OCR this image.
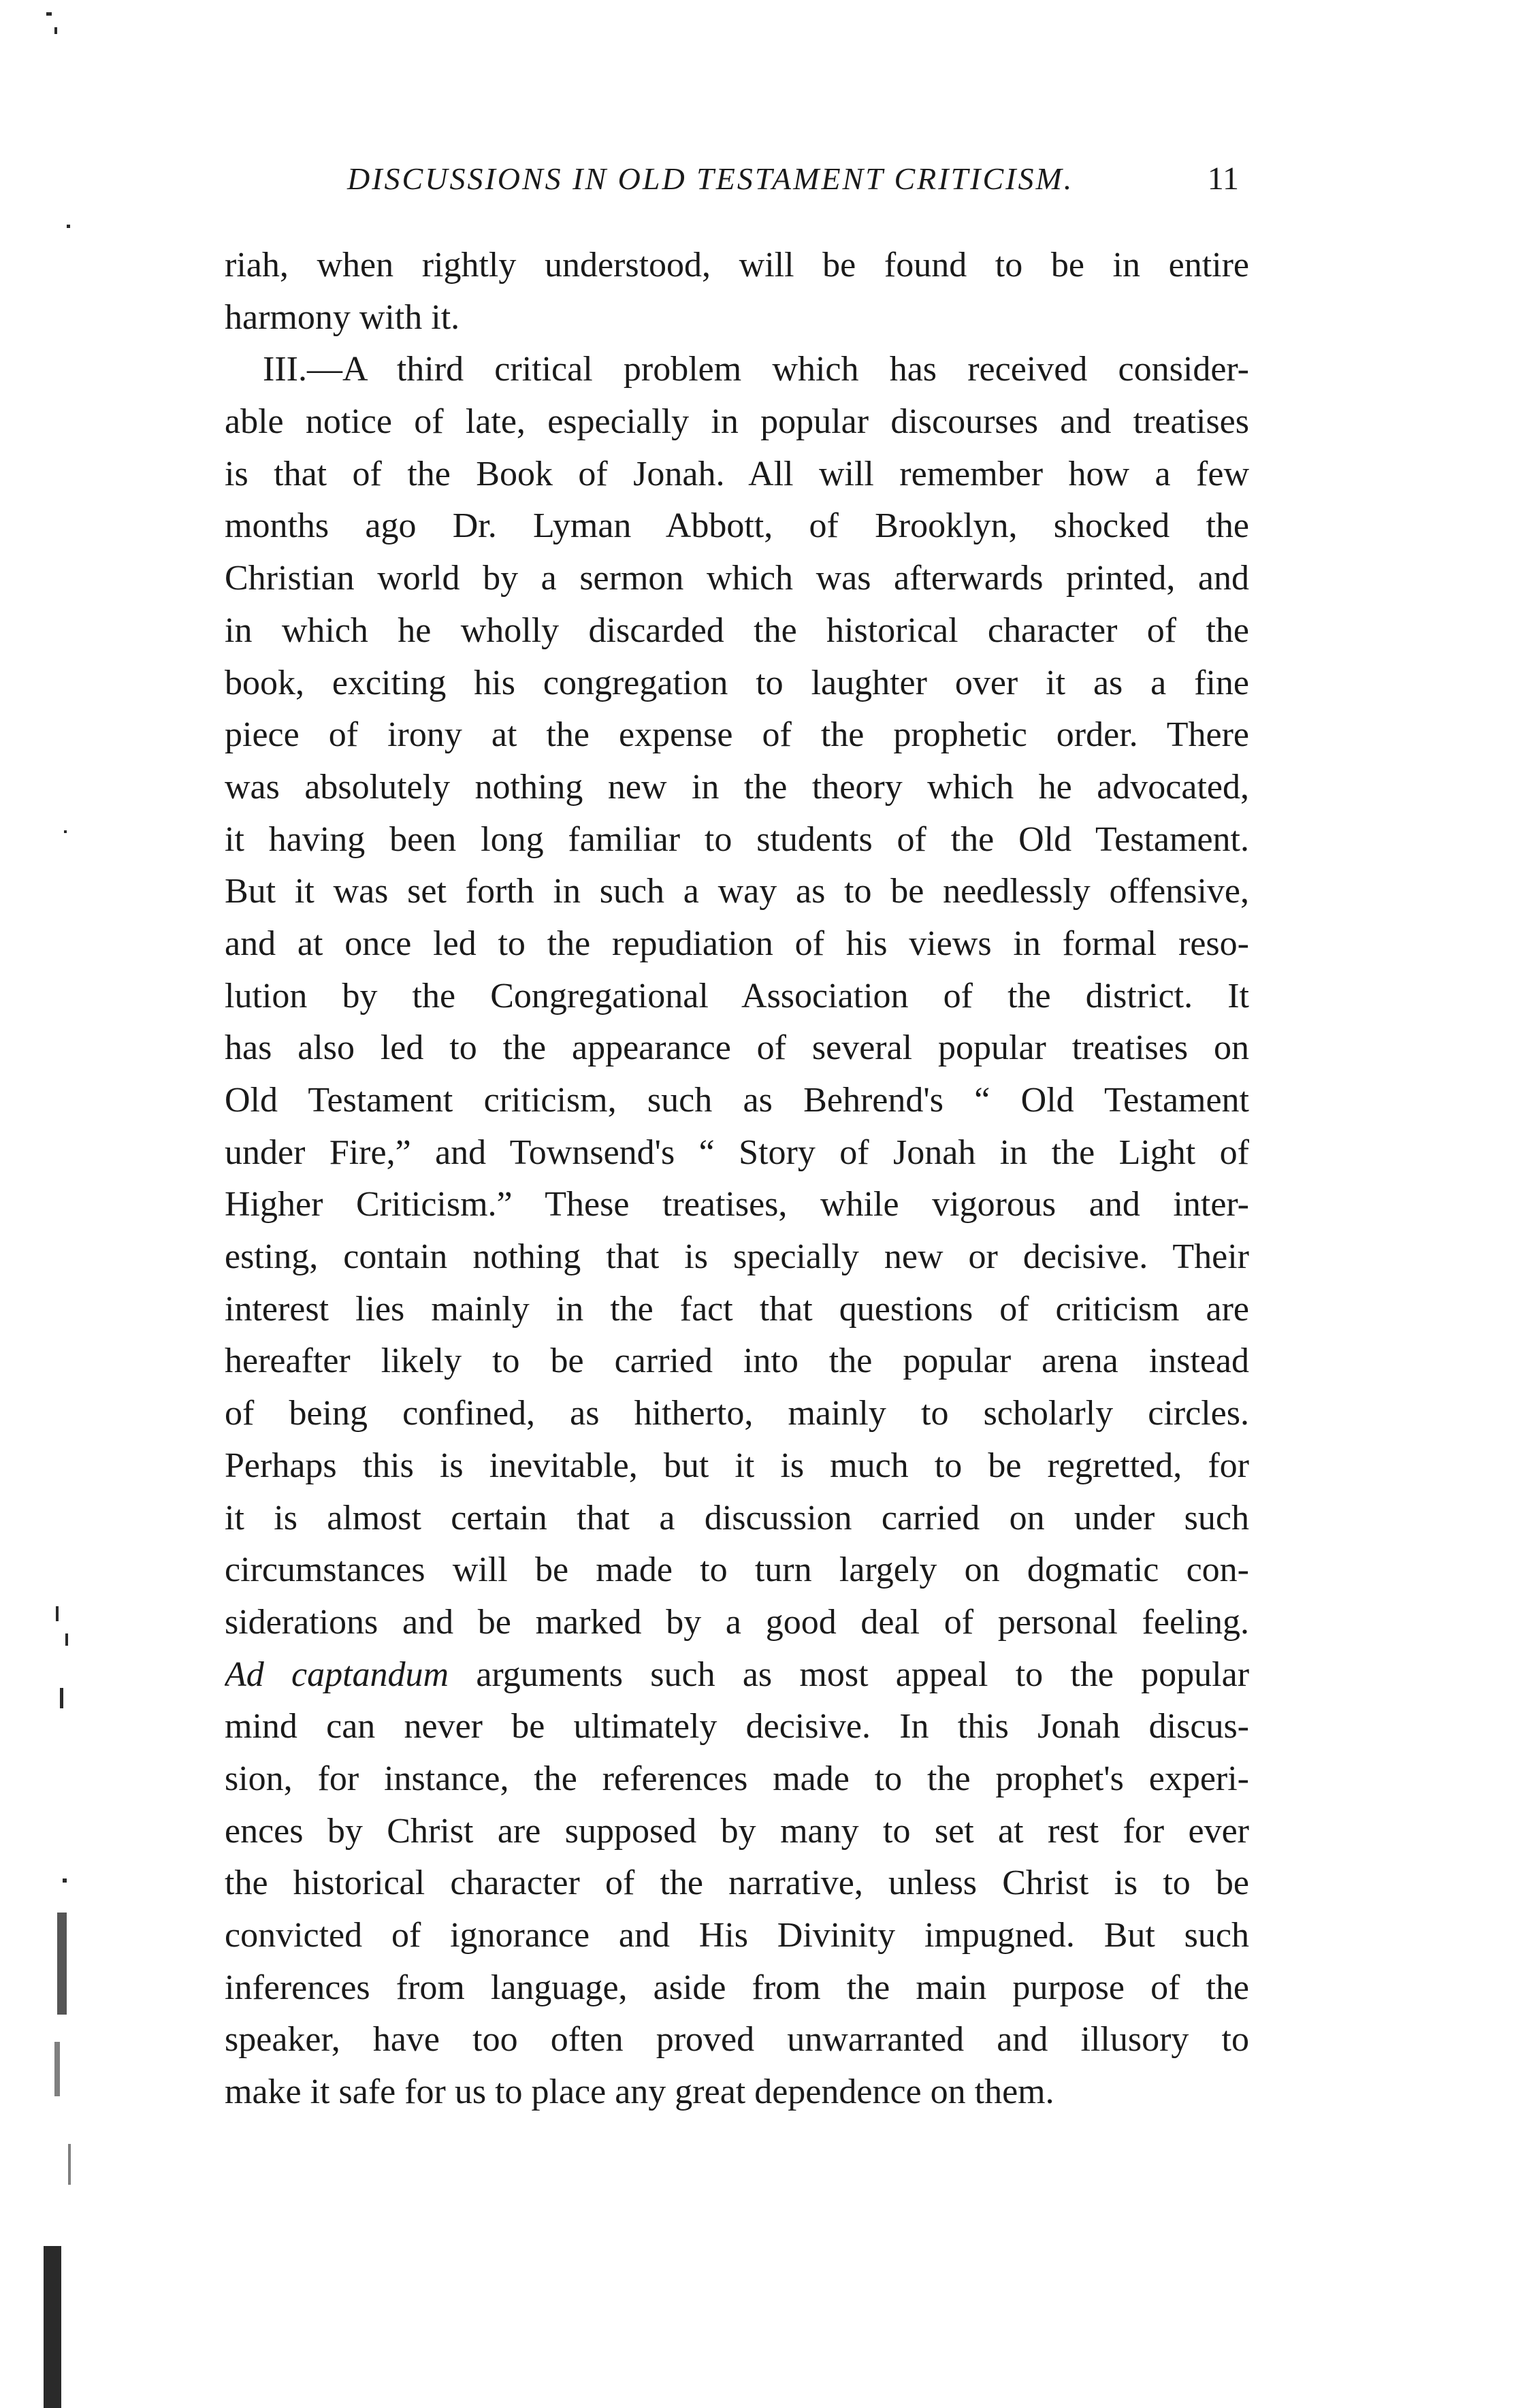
DISCUSSIONS IN OLD TESTAMENT CRITICISM.	11
riah, when rightly understood, will be found to be in entire
harmony with it.
III.—A third critical problem which has received consider-
able notice of late, especially in popular discourses and treatises
is that of the Book of Jonah. All will remember how a few
months ago Dr. Lyman Abbott, of Brooklyn, shocked the
Christian world by a sermon which was afterwards printed, and
in which he wholly discarded the historical character of the
book, exciting his congregation to laughter over it as a fine
piece of irony at the expense of the prophetic order. There
was absolutely nothing new in the theory which he advocated,
it having been long familiar to students of the Old Testament.
But it was set forth in such a way as to be needlessly offensive,
and at once led to the repudiation of his views in formal reso-
lution by the Congregational Association of the district. It
has also led to the appearance of several popular treatises on
Old Testament criticism, such as Behrend's “ Old Testament
under Fire,” and Townsend's “ Story of Jonah in the Light of
Higher Criticism.” These treatises, while vigorous and inter-
esting, contain nothing that is specially new or decisive. Their
interest lies mainly in the fact that questions of criticism are
hereafter likely to be carried into the popular arena instead
of being confined, as hitherto, mainly to scholarly circles.
Perhaps this is inevitable, but it is much to be regretted, for
it is almost certain that a discussion carried on under such
circumstances will be made to turn largely on dogmatic con-
siderations and be marked by a good deal of personal feeling.
Ad captandum arguments such as most appeal to the popular
mind can never be ultimately decisive. In this Jonah discus-
sion, for instance, the references made to the prophet's experi-
ences by Christ are supposed by many to set at rest for ever
the historical character of the narrative, unless Christ is to be
convicted of ignorance and His Divinity impugned. But such
inferences from language, aside from the main purpose of the
speaker, have too often proved unwarranted and illusory to
make it safe for us to place any great dependence on them.
